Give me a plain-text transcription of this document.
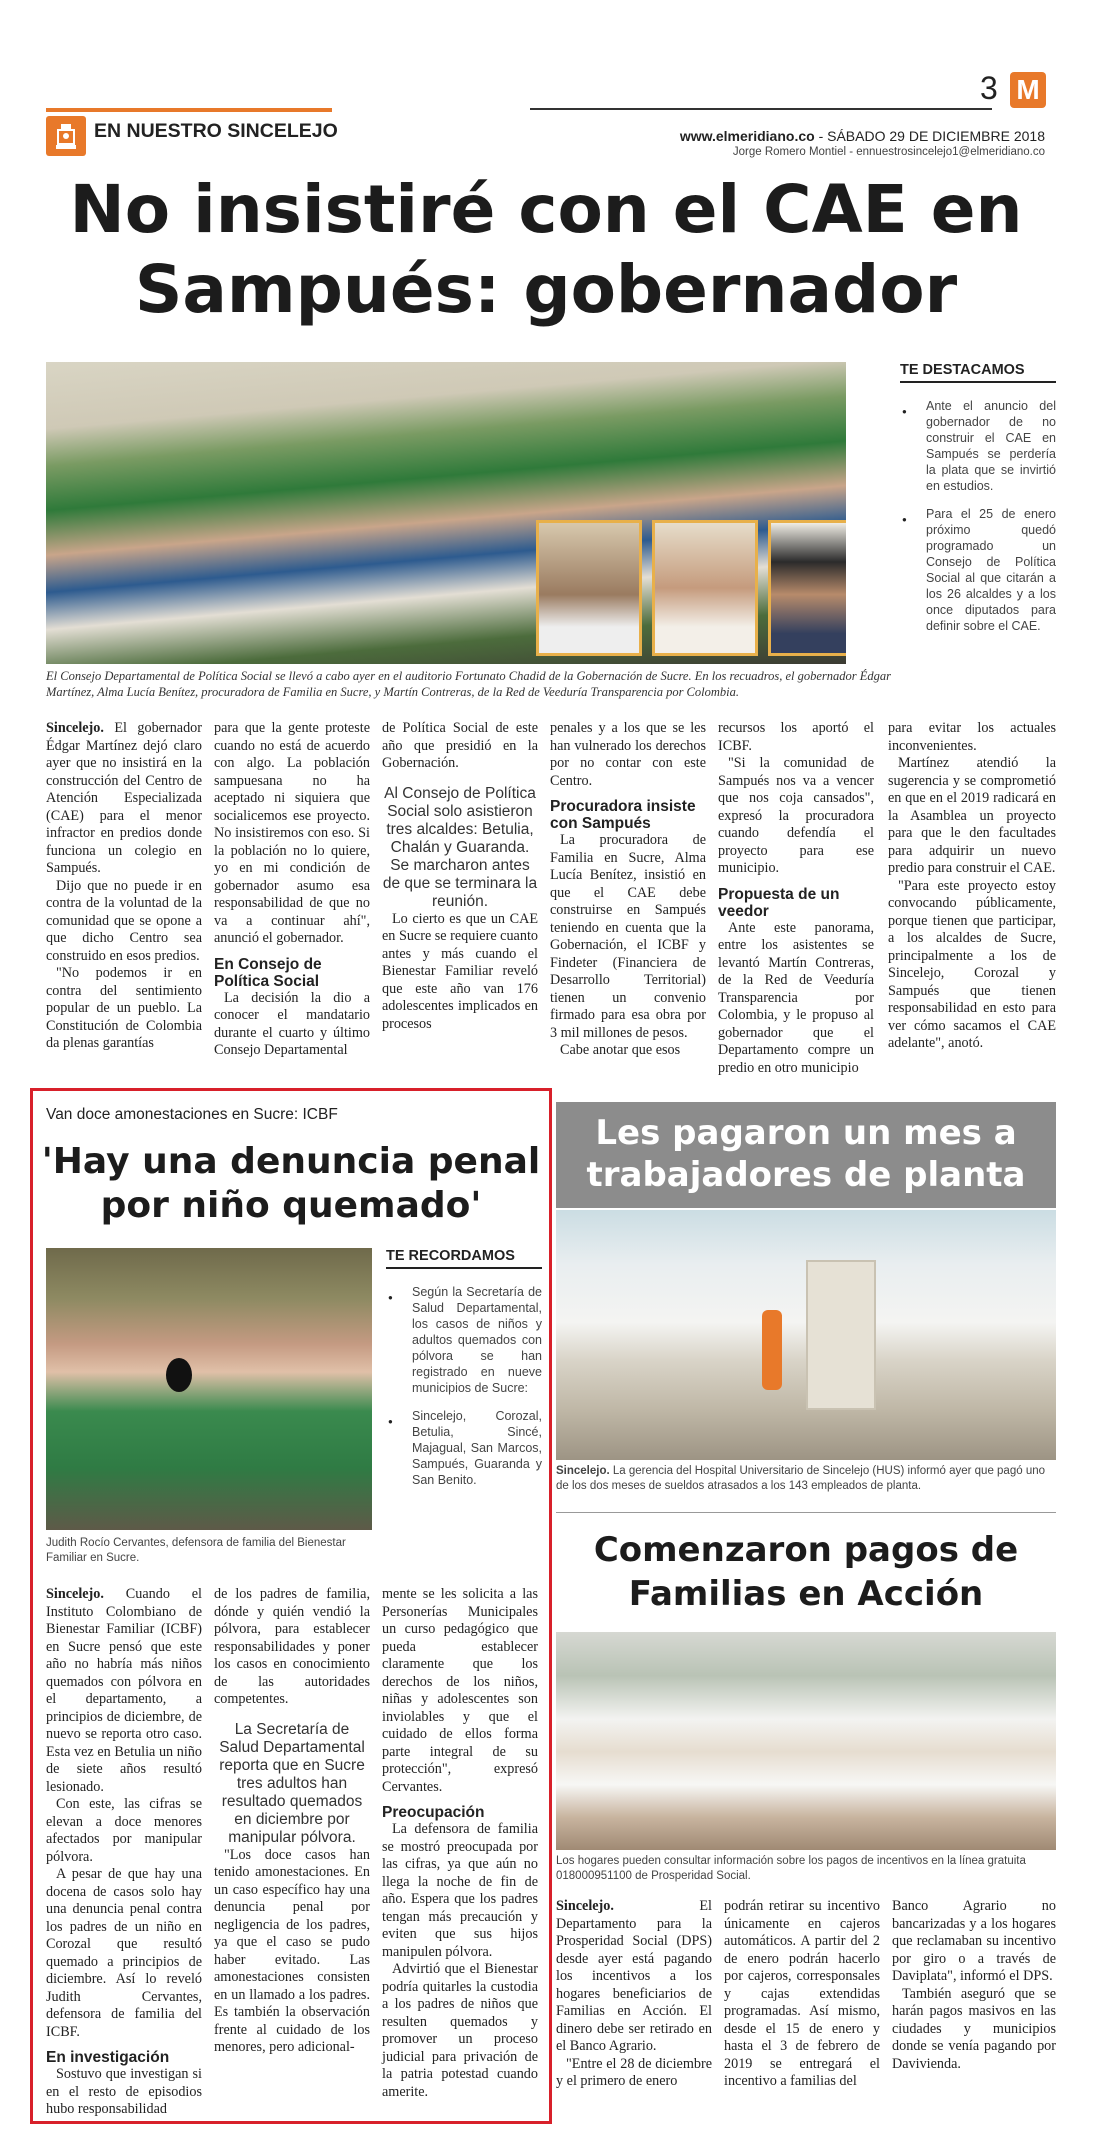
3 M
EN NUESTRO SINCELEJO	www.elmeridiano.co - SÁBADO 29 DE DICIEMBRE 2018
Jorge Romero Montiel - ennuestrosincelejo1@elmeridiano.co
No insistiré con el CAE en Sampués: gobernador
El Consejo Departamental de Política Social se llevó a cabo ayer en el auditorio Fortunato Chadid de la Gobernación de Sucre. En los recuadros, el gobernador Édgar Martínez, Alma Lucía Benítez, procuradora de Familia en Sucre, y Martín Contreras, de la Red de Veeduría Transparencia por Colombia.
TE DESTACAMOS
● Ante el anuncio del gobernador de no construir el CAE en Sampués se perdería la plata que se invirtió en estudios.
● Para el 25 de enero próximo quedó programado un Consejo de Política Social al que citarán a los 26 alcaldes y a los once diputados para definir sobre el CAE.

Sincelejo. El gobernador Édgar Martínez dejó claro ayer que no insistirá en la construcción del Centro de Atención Especializada (CAE) para el menor infractor en predios donde funciona un colegio en Sampués.

Dijo que no puede ir en contra de la voluntad de la comunidad que se opone a que dicho Centro sea construido en esos predios.

"No podemos ir en contra del sentimiento popular de un pueblo. La Constitución de Colombia da plenas garantías

para que la gente proteste cuando no está de acuerdo con algo. La población sampuesana no ha aceptado ni siquiera que socialicemos ese proyecto. No insistiremos con eso. Si la población no lo quiere, yo en mi condición de gobernador asumo esa responsabilidad de que no va a continuar ahí", anunció el gobernador.

En Consejo de Política Social

La decisión la dio a conocer el mandatario durante el cuarto y último Consejo Departamental

de Política Social de este año que presidió en la Gobernación.

Al Consejo de Política Social solo asistieron tres alcaldes: Betulia, Chalán y Guaranda. Se marcharon antes de que se terminara la reunión.

Lo cierto es que un CAE en Sucre se requiere cuanto antes y más cuando el Bienestar Familiar reveló que este año van 176 adolescentes implicados en procesos

penales y a los que se les han vulnerado los derechos por no contar con este Centro.

Procuradora insiste con Sampués

La procuradora de Familia en Sucre, Alma Lucía Benítez, insistió en que el CAE debe construirse en Sampués teniendo en cuenta que la Gobernación, el ICBF y Findeter (Financiera de Desarrollo Territorial) tienen un convenio firmado para esa obra por 3 mil millones de pesos.

Cabe anotar que esos

recursos los aportó el ICBF.

"Si la comunidad de Sampués nos va a vencer que nos coja cansados", expresó la procuradora cuando defendía el proyecto para ese municipio.

Propuesta de un veedor

Ante este panorama, entre los asistentes se levantó Martín Contreras, de la Red de Veeduría Transparencia por Colombia, y le propuso al gobernador que el Departamento compre un predio en otro municipio

para evitar los actuales inconvenientes.

Martínez atendió la sugerencia y se comprometió en que en el 2019 radicará en la Asamblea un proyecto para que le den facultades para adquirir un nuevo predio para construir el CAE.

"Para este proyecto estoy convocando públicamente, porque tienen que participar, a los alcaldes de Sucre, principalmente a los de Sincelejo, Corozal y Sampués que tienen responsabilidad en esto para ver cómo sacamos el CAE adelante", anotó.

Van doce amonestaciones en Sucre: ICBF
'Hay una denuncia penal por niño quemado'
Judith Rocío Cervantes, defensora de familia del Bienestar Familiar en Sucre.
TE RECORDAMOS
● Según la Secretaría de Salud Departamental, los casos de niños y adultos quemados con pólvora se han registrado en nueve municipios de Sucre:
● Sincelejo, Corozal, Betulia, Sincé, Majagual, San Marcos, Sampués, Guaranda y San Benito.

Sincelejo. Cuando el Instituto Colombiano de Bienestar Familiar (ICBF) en Sucre pensó que este año no habría más niños quemados con pólvora en el departamento, a principios de diciembre, de nuevo se reporta otro caso. Esta vez en Betulia un niño de siete años resultó lesionado.

Con este, las cifras se elevan a doce menores afectados por manipular pólvora.

A pesar de que hay una docena de casos solo hay una denuncia penal contra los padres de un niño en Corozal que resultó quemado a principios de diciembre. Así lo reveló Judith Cervantes, defensora de familia del ICBF.

En investigación

Sostuvo que investigan si en el resto de episodios hubo responsabilidad

de los padres de familia, dónde y quién vendió la pólvora, para establecer responsabilidades y poner los casos en conocimiento de las autoridades competentes.

La Secretaría de Salud Departamental reporta que en Sucre tres adultos han resultado quemados en diciembre por manipular pólvora.

"Los doce casos han tenido amonestaciones. En un caso específico hay una denuncia penal por negligencia de los padres, ya que el caso se pudo haber evitado. Las amonestaciones consisten en un llamado a los padres. Es también la observación frente al cuidado de los menores, pero adicional-

mente se les solicita a las Personerías Municipales un curso pedagógico que pueda establecer claramente que los derechos de los niños, niñas y adolescentes son inviolables y que el cuidado de ellos forma parte integral de su protección", expresó Cervantes.

Preocupación

La defensora de familia se mostró preocupada por las cifras, ya que aún no llega la noche de fin de año. Espera que los padres tengan más precaución y eviten que sus hijos manipulen pólvora.

Advirtió que el Bienestar podría quitarles la custodia a los padres de niños que resulten quemados y promover un proceso judicial para privación de la patria potestad cuando amerite.

Les pagaron un mes a trabajadores de planta
Sincelejo. La gerencia del Hospital Universitario de Sincelejo (HUS) informó ayer que pagó uno de los dos meses de sueldos atrasados a los 143 empleados de planta.
Comenzaron pagos de Familias en Acción
Los hogares pueden consultar información sobre los pagos de incentivos en la línea gratuita 018000951100 de Prosperidad Social.

Sincelejo. El Departamento para la Prosperidad Social (DPS) desde ayer está pagando los incentivos a los hogares beneficiarios de Familias en Acción. El dinero debe ser retirado en el Banco Agrario.

"Entre el 28 de diciembre y el primero de enero

podrán retirar su incentivo únicamente en cajeros automáticos. A partir del 2 de enero podrán hacerlo por cajeros, corresponsales y cajas extendidas programadas. Así mismo, desde el 15 de enero y hasta el 3 de febrero de 2019 se entregará el incentivo a familias del

Banco Agrario no bancarizadas y a los hogares que reclamaban su incentivo por giro o a través de Daviplata", informó el DPS.

También aseguró que se harán pagos masivos en las ciudades y municipios donde se venía pagando por Davivienda.
